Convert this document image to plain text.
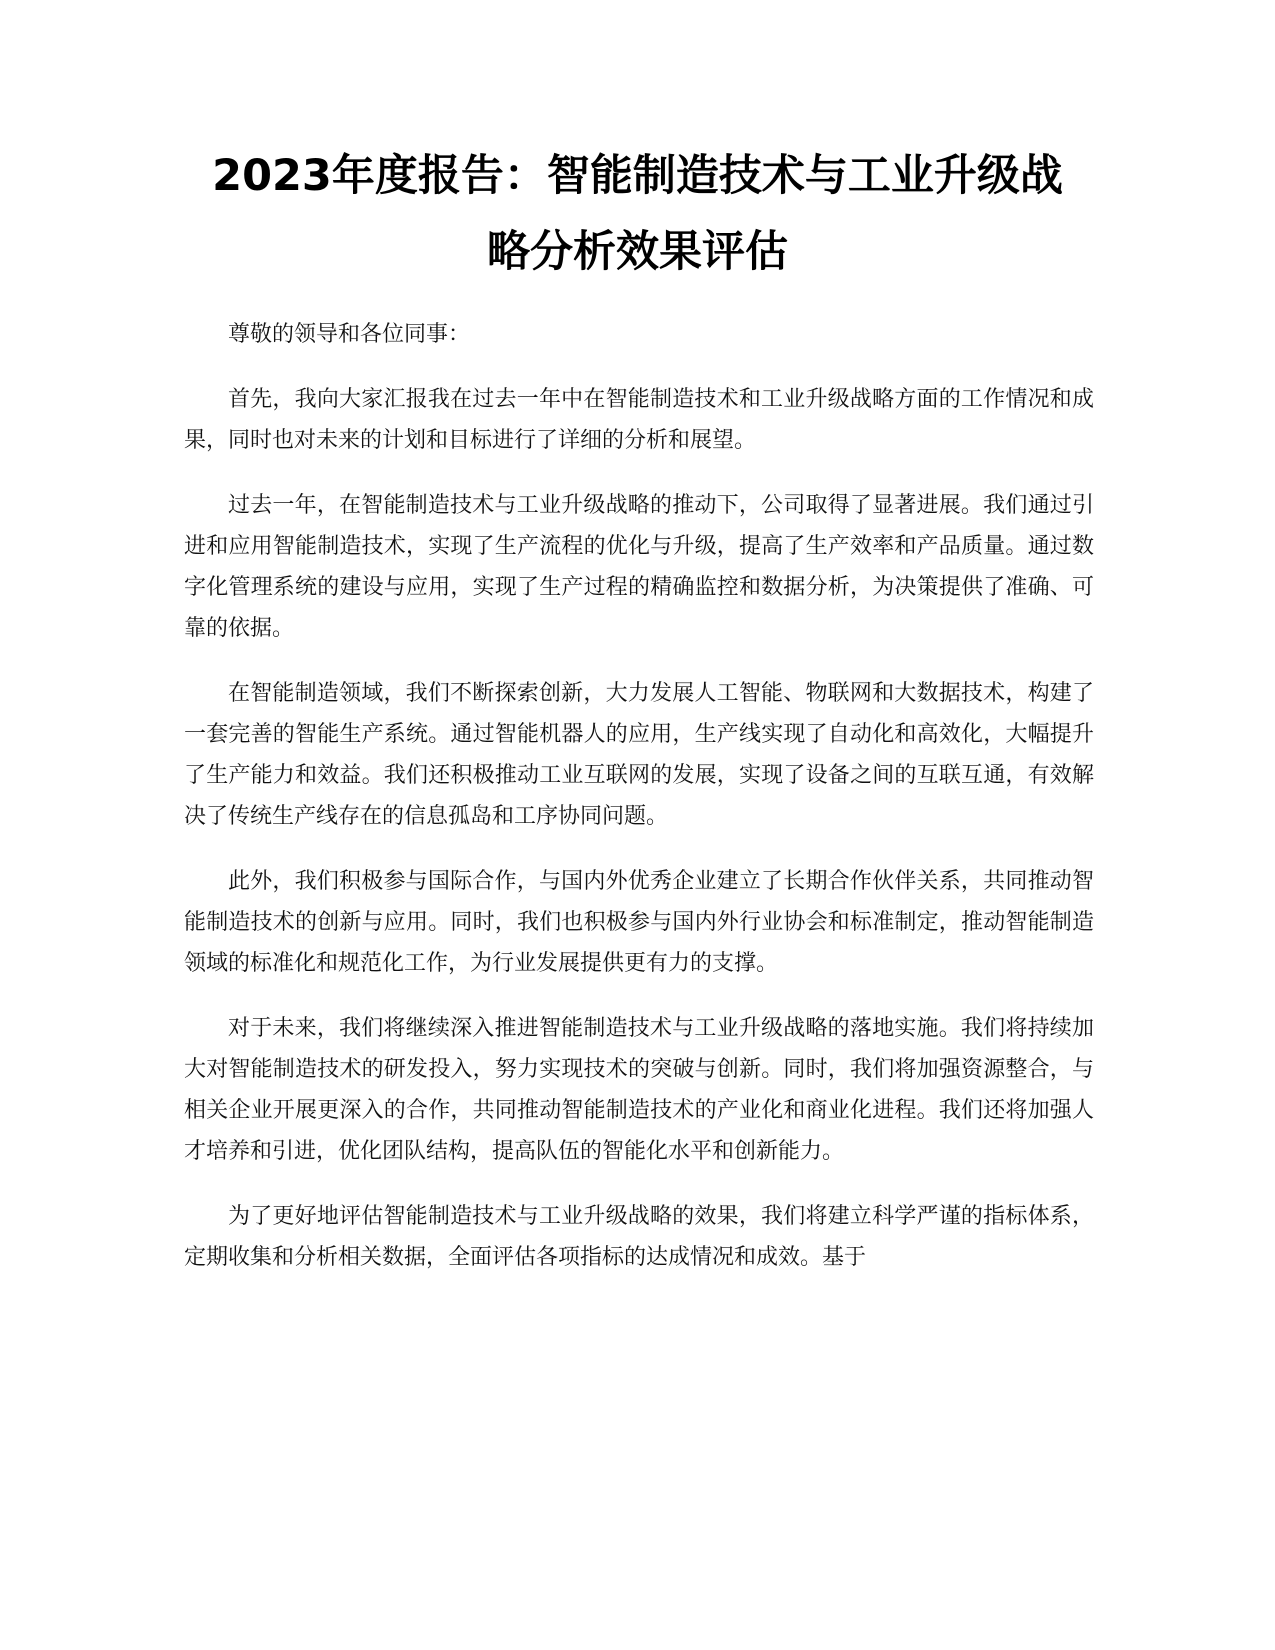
2023年度报告：智能制造技术与工业升级战
略分析效果评估

尊敬的领导和各位同事：

首先，我向大家汇报我在过去一年中在智能制造技术和工业升级战略方面的工作情况和成果，同时也对未来的计划和目标进行了详细的分析和展望。

过去一年，在智能制造技术与工业升级战略的推动下，公司取得了显著进展。我们通过引进和应用智能制造技术，实现了生产流程的优化与升级，提高了生产效率和产品质量。通过数字化管理系统的建设与应用，实现了生产过程的精确监控和数据分析，为决策提供了准确、可靠的依据。

在智能制造领域，我们不断探索创新，大力发展人工智能、物联网和大数据技术，构建了一套完善的智能生产系统。通过智能机器人的应用，生产线实现了自动化和高效化，大幅提升了生产能力和效益。我们还积极推动工业互联网的发展，实现了设备之间的互联互通，有效解决了传统生产线存在的信息孤岛和工序协同问题。

此外，我们积极参与国际合作，与国内外优秀企业建立了长期合作伙伴关系，共同推动智能制造技术的创新与应用。同时，我们也积极参与国内外行业协会和标准制定，推动智能制造领域的标准化和规范化工作，为行业发展提供更有力的支撑。

对于未来，我们将继续深入推进智能制造技术与工业升级战略的落地实施。我们将持续加大对智能制造技术的研发投入，努力实现技术的突破与创新。同时，我们将加强资源整合，与相关企业开展更深入的合作，共同推动智能制造技术的产业化和商业化进程。我们还将加强人才培养和引进，优化团队结构，提高队伍的智能化水平和创新能力。

为了更好地评估智能制造技术与工业升级战略的效果，我们将建立科学严谨的指标体系，定期收集和分析相关数据，全面评估各项指标的达成情况和成效。基于
